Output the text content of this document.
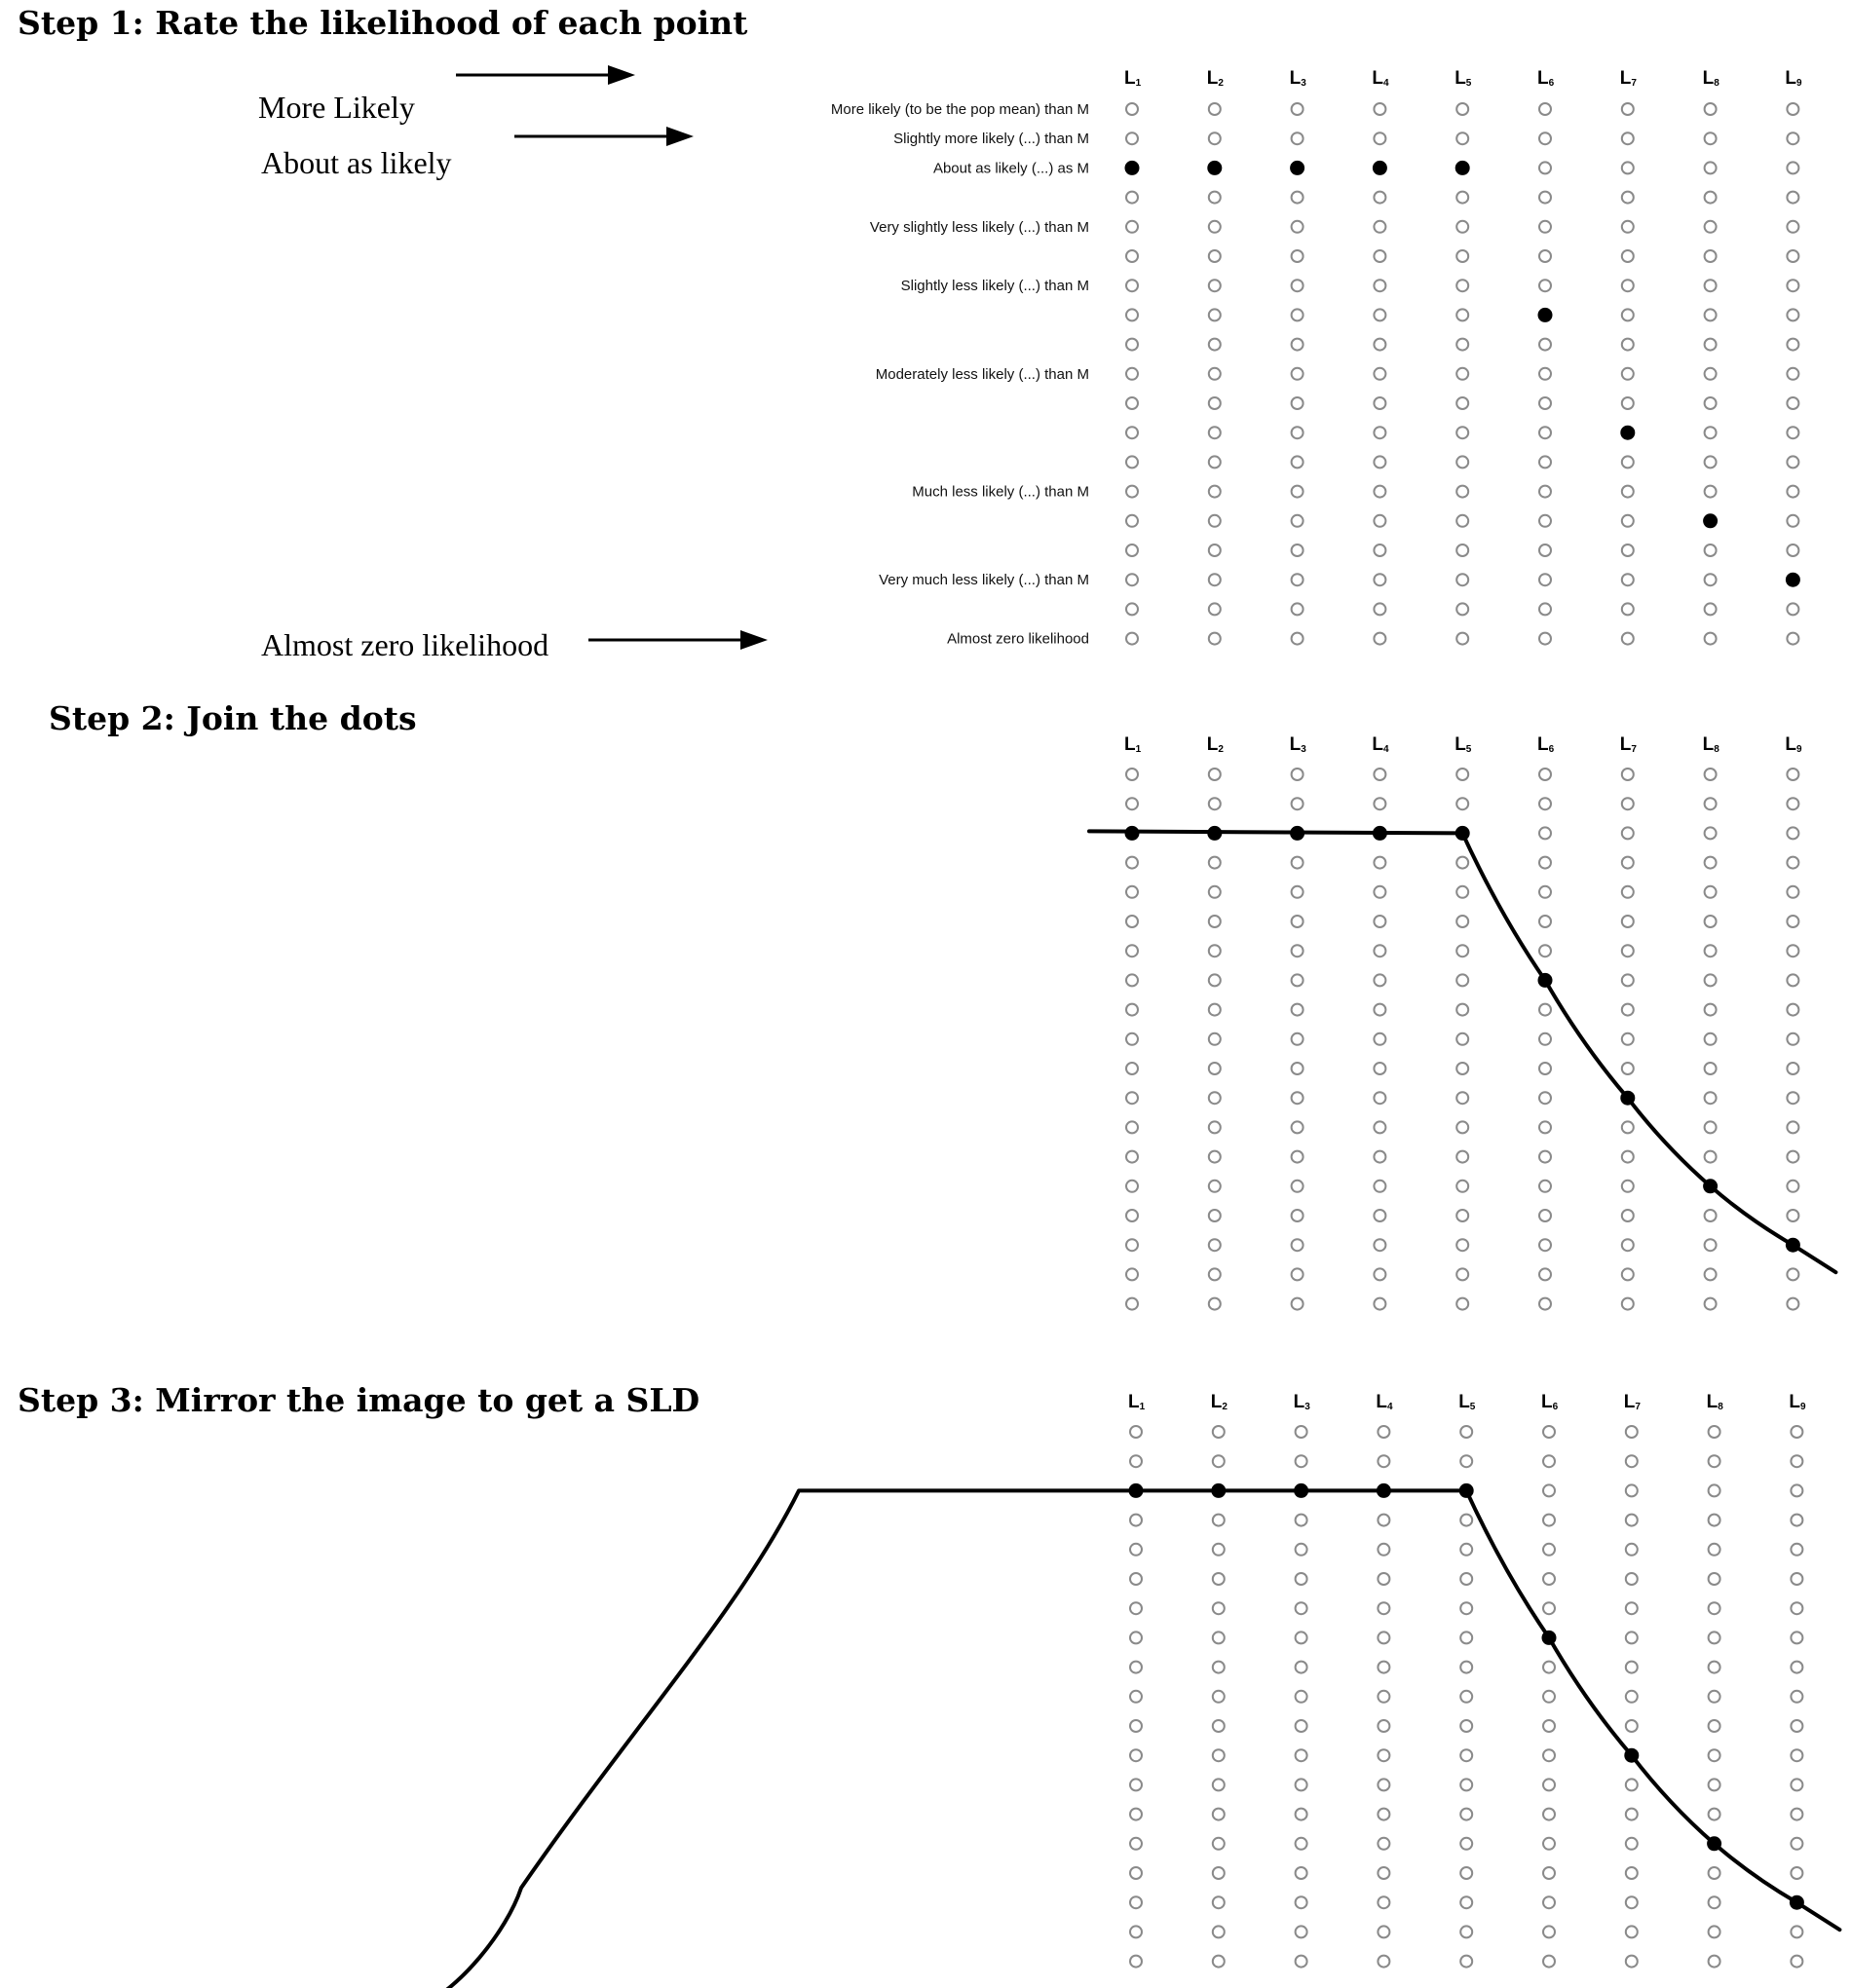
Step 1: Rate the likelihood of each point
Step 2: Join the dots
Step 3: Mirror the image to get a SLD
More Likely
About as likely
Almost zero likelihood
More likely (to be the pop mean) than M
Slightly more likely (...) than M
About as likely (...) as M
Very slightly less likely (...) than M
Slightly less likely (...) than M
Moderately less likely (...) than M
Much less likely (...) than M
Very much less likely (...) than M
Almost zero likelihood
L1	L2	L3	L4	L5	L6	L7	L8	L9
L1	L2	L3	L4	L5	L6	L7	L8	L9
L1	L2	L3	L4	L5	L6	L7	L8	L9
